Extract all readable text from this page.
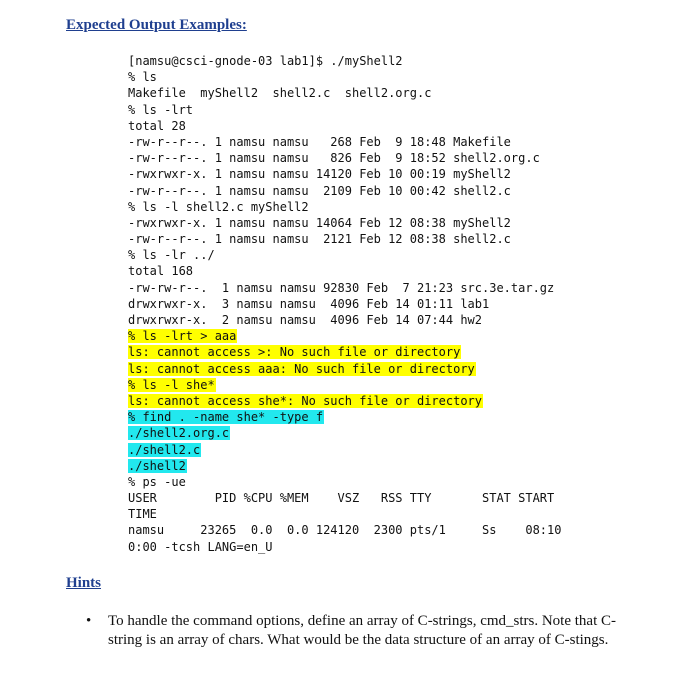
Expected Output Examples:
[namsu@csci-gnode-03 lab1]$ ./myShell2
% ls
Makefile  myShell2  shell2.c  shell2.org.c
% ls -lrt
total 28
-rw-r--r--. 1 namsu namsu   268 Feb  9 18:48 Makefile
-rw-r--r--. 1 namsu namsu   826 Feb  9 18:52 shell2.org.c
-rwxrwxr-x. 1 namsu namsu 14120 Feb 10 00:19 myShell2
-rw-r--r--. 1 namsu namsu  2109 Feb 10 00:42 shell2.c
% ls -l shell2.c myShell2
-rwxrwxr-x. 1 namsu namsu 14064 Feb 12 08:38 myShell2
-rw-r--r--. 1 namsu namsu  2121 Feb 12 08:38 shell2.c
% ls -lr ../
total 168
-rw-rw-r--.  1 namsu namsu 92830 Feb  7 21:23 src.3e.tar.gz
drwxrwxr-x.  3 namsu namsu  4096 Feb 14 01:11 lab1
drwxrwxr-x.  2 namsu namsu  4096 Feb 14 07:44 hw2
% ls -lrt > aaa
ls: cannot access >: No such file or directory
ls: cannot access aaa: No such file or directory
% ls -l she*
ls: cannot access she*: No such file or directory
% find . -name she* -type f
./shell2.org.c
./shell2.c
./shell2
% ps -ue
USER        PID %CPU %MEM    VSZ   RSS TTY       STAT START
TIME
namsu     23265  0.0  0.0 124120  2300 pts/1     Ss    08:10
0:00 -tcsh LANG=en_U
Hints
• To handle the command options, define an array of C-strings, cmd_strs. Note that C-string is an array of chars. What would be the data structure of an array of C-stings.
